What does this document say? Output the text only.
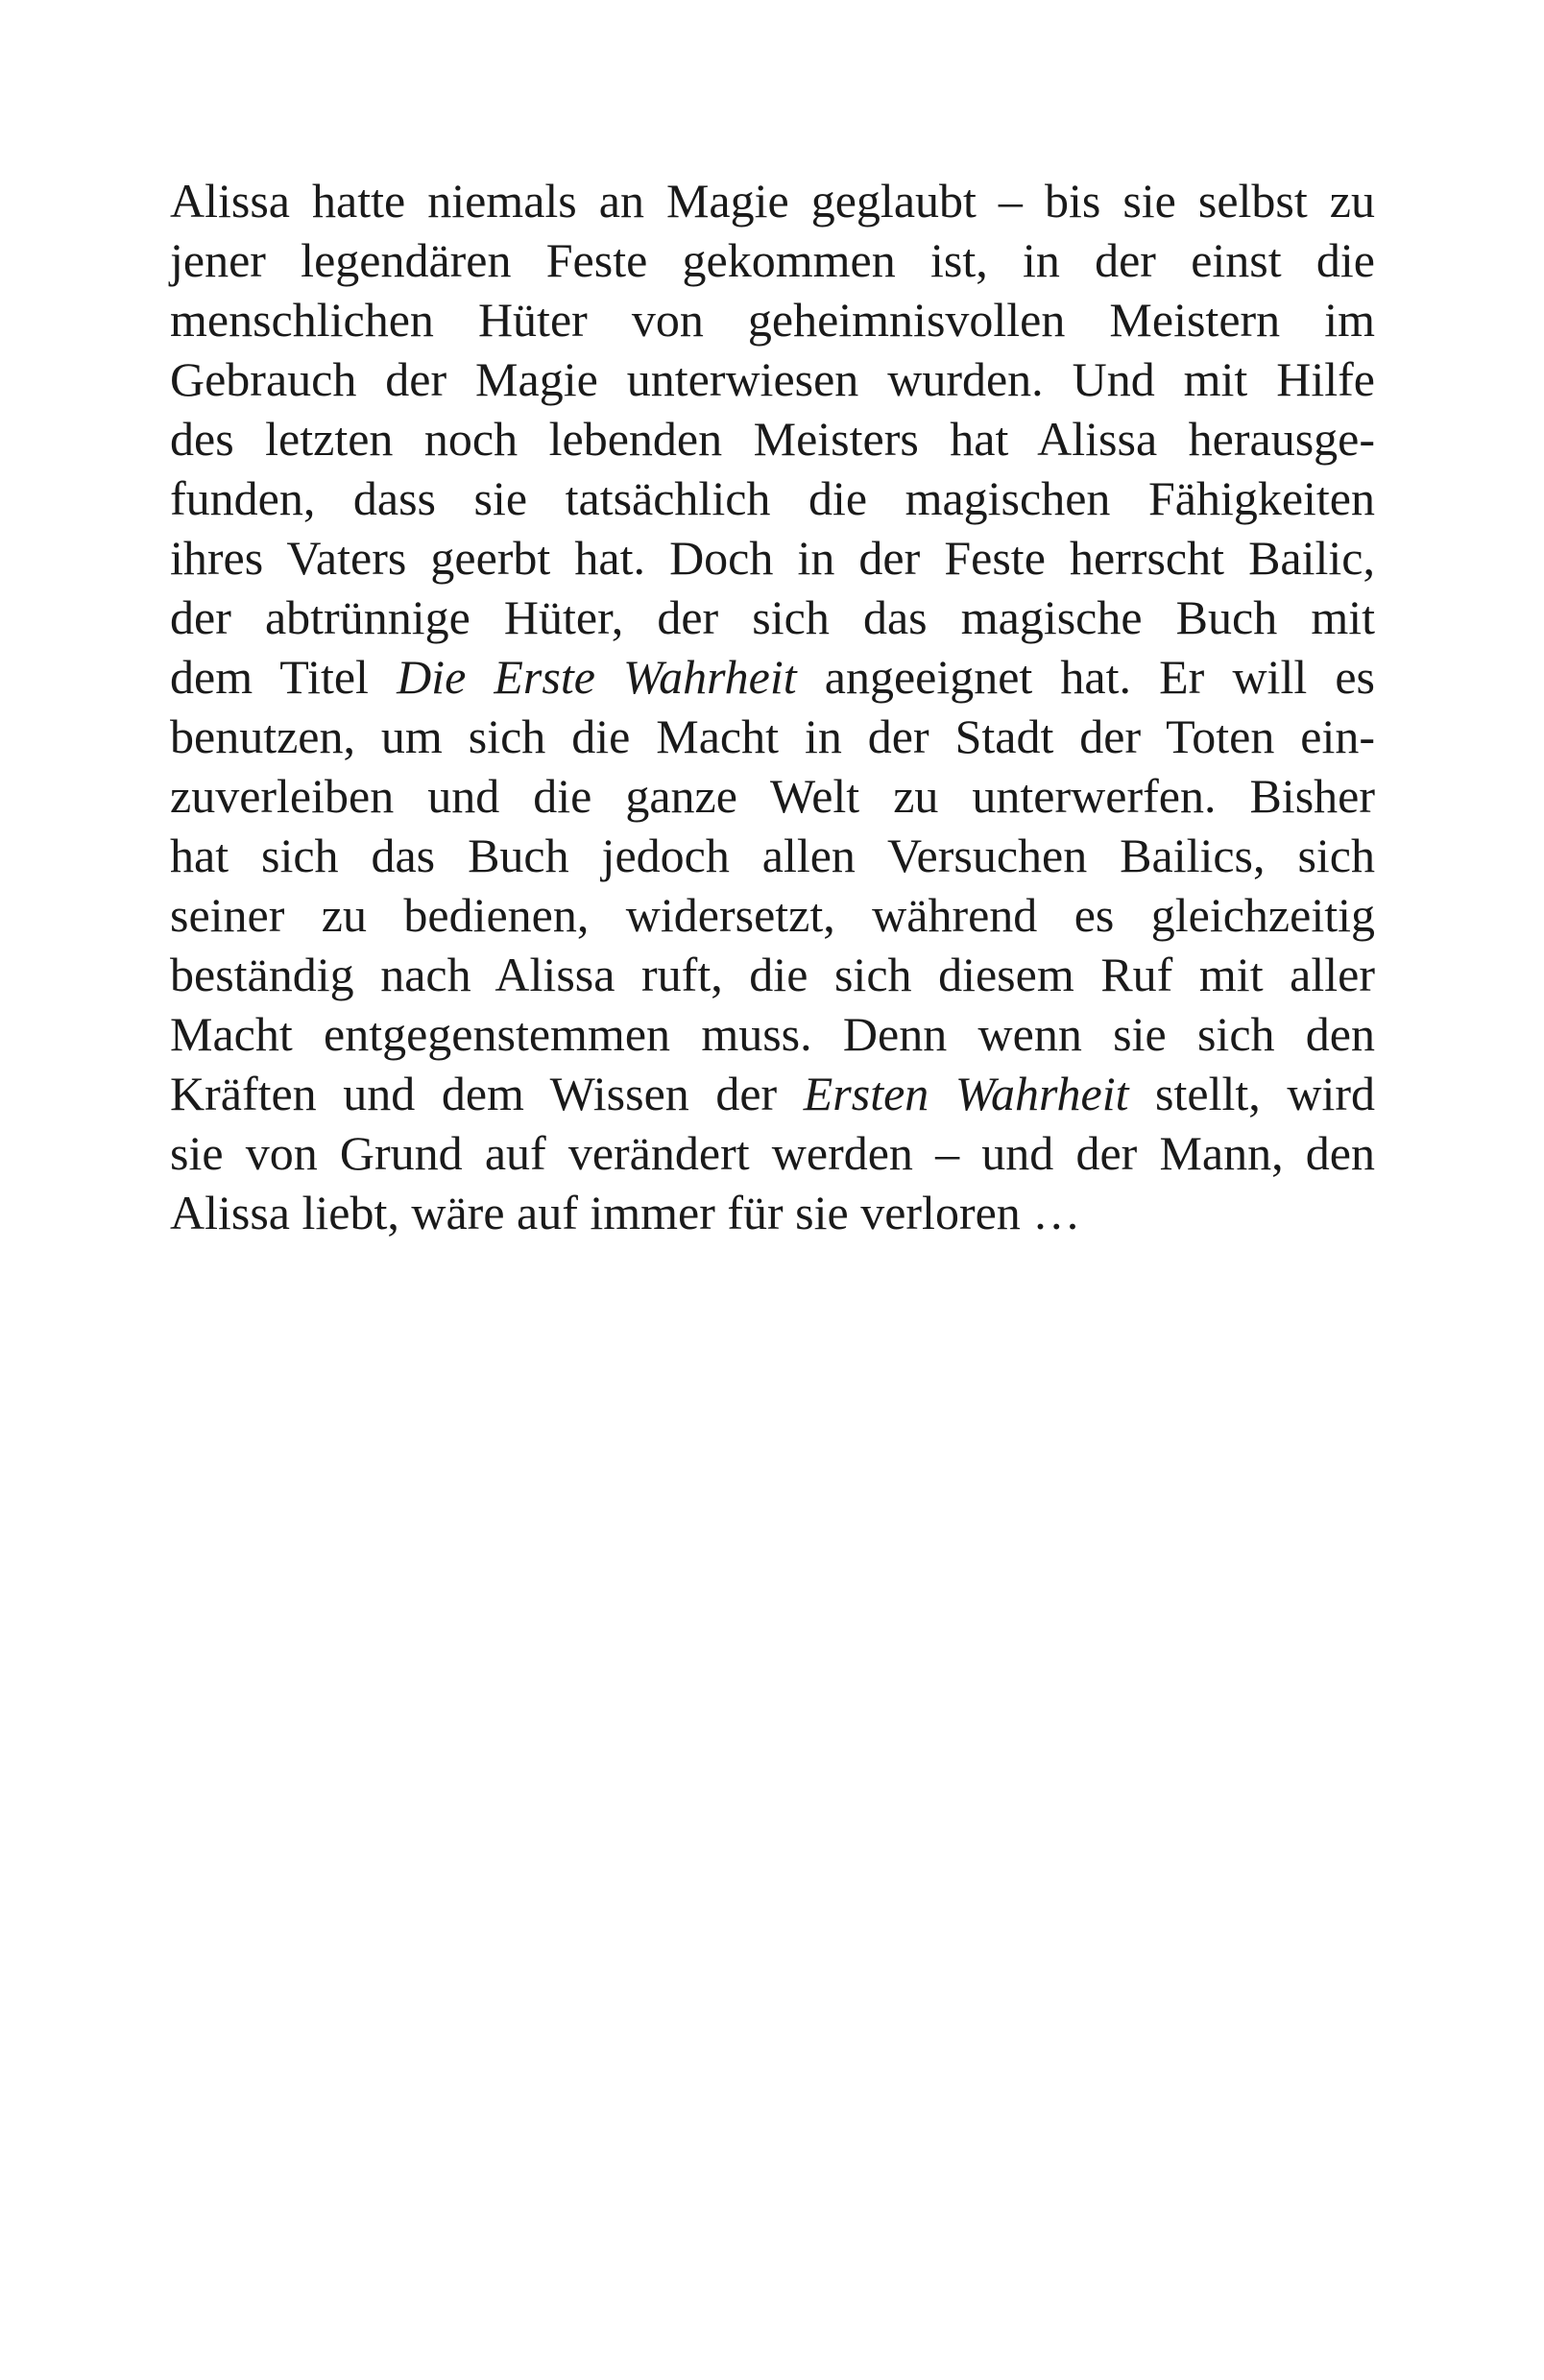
Alissa hatte niemals an Magie geglaubt – bis sie selbst zu
jener legendären Feste gekommen ist, in der einst die
menschlichen Hüter von geheimnisvollen Meistern im
Gebrauch der Magie unterwiesen wurden. Und mit Hilfe
des letzten noch lebenden Meisters hat Alissa herausge-
funden, dass sie tatsächlich die magischen Fähigkeiten
ihres Vaters geerbt hat. Doch in der Feste herrscht Bailic,
der abtrünnige Hüter, der sich das magische Buch mit
dem Titel Die Erste Wahrheit angeeignet hat. Er will es
benutzen, um sich die Macht in der Stadt der Toten ein-
zuverleiben und die ganze Welt zu unterwerfen. Bisher
hat sich das Buch jedoch allen Versuchen Bailics, sich
seiner zu bedienen, widersetzt, während es gleichzeitig
beständig nach Alissa ruft, die sich diesem Ruf mit aller
Macht entgegenstemmen muss. Denn wenn sie sich den
Kräften und dem Wissen der Ersten Wahrheit stellt, wird
sie von Grund auf verändert werden – und der Mann, den
Alissa liebt, wäre auf immer für sie verloren …
